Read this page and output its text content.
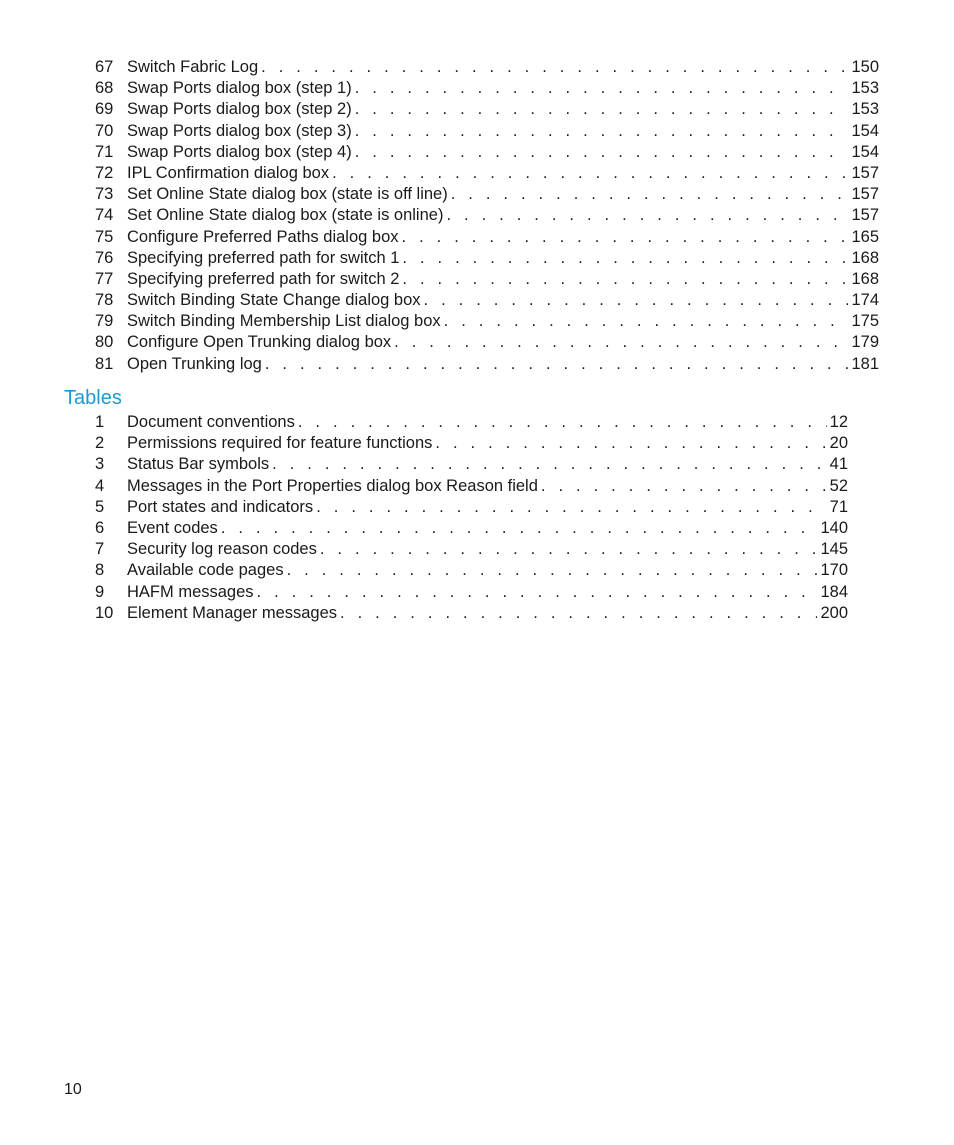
67 Switch Fabric Log . . .	150
68 Swap Ports dialog box (step 1) . . .	153
69 Swap Ports dialog box (step 2) . . .	153
70 Swap Ports dialog box (step 3) . . .	154
71 Swap Ports dialog box (step 4) . . .	154
72 IPL Confirmation dialog box . . .	157
73 Set Online State dialog box (state is off line) . . .	157
74 Set Online State dialog box (state is online) . . .	157
75 Configure Preferred Paths dialog box . . .	165
76 Specifying preferred path for switch 1 . . .	168
77 Specifying preferred path for switch 2 . . .	168
78 Switch Binding State Change dialog box . . .	174
79 Switch Binding Membership List dialog box . . .	175
80 Configure Open Trunking dialog box . . .	179
81 Open Trunking log . . .	181
Tables
1	Document conventions . . .	12
2	Permissions required for feature functions . . .	20
3	Status Bar symbols . . .	41
4	Messages in the Port Properties dialog box Reason field . . .	52
5	Port states and indicators . . .	71
6	Event codes . . .	140
7	Security log reason codes . . .	145
8	Available code pages . . .	170
9	HAFM messages . . .	184
10 Element Manager messages . . .	200
10
